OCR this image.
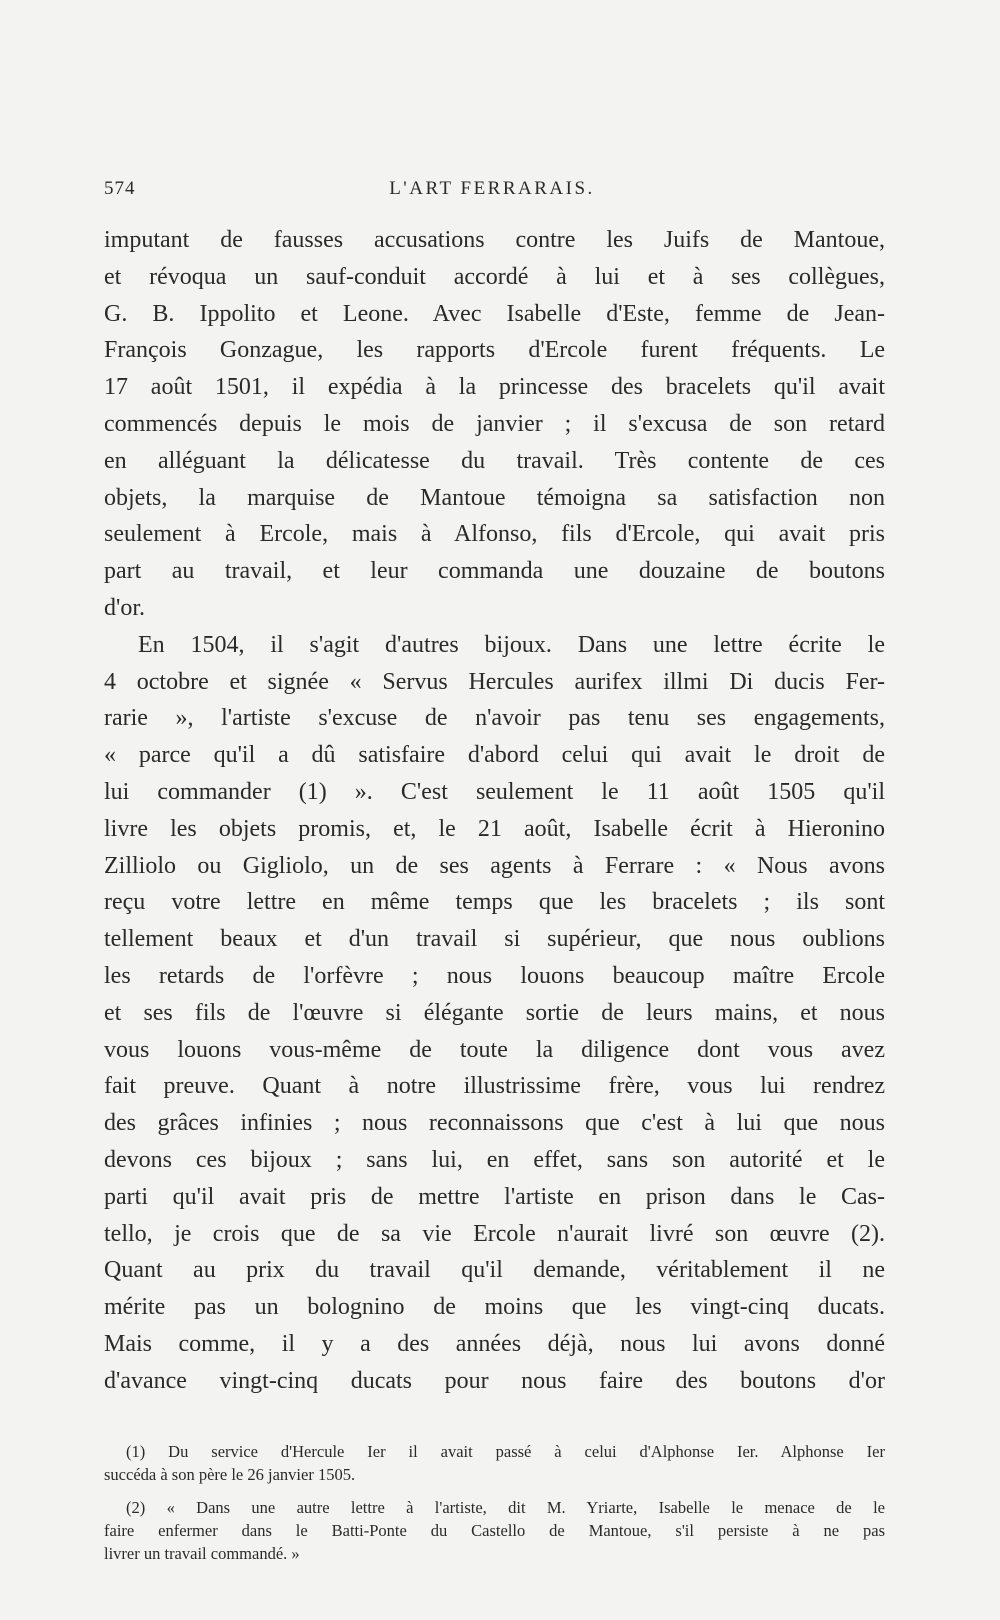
574	L'ART FERRARAIS.
imputant de fausses accusations contre les Juifs de Mantoue,
et révoqua un sauf-conduit accordé à lui et à ses collègues,
G. B. Ippolito et Leone. Avec Isabelle d'Este, femme de Jean-
François Gonzague, les rapports d'Ercole furent fréquents. Le
17 août 1501, il expédia à la princesse des bracelets qu'il avait
commencés depuis le mois de janvier ; il s'excusa de son retard
en alléguant la délicatesse du travail. Très contente de ces
objets, la marquise de Mantoue témoigna sa satisfaction non
seulement à Ercole, mais à Alfonso, fils d'Ercole, qui avait pris
part au travail, et leur commanda une douzaine de boutons
d'or.
En 1504, il s'agit d'autres bijoux. Dans une lettre écrite le
4 octobre et signée « Servus Hercules aurifex illmi Di ducis Fer-
rarie », l'artiste s'excuse de n'avoir pas tenu ses engagements,
« parce qu'il a dû satisfaire d'abord celui qui avait le droit de
lui commander (1) ». C'est seulement le 11 août 1505 qu'il
livre les objets promis, et, le 21 août, Isabelle écrit à Hieronino
Zilliolo ou Gigliolo, un de ses agents à Ferrare : « Nous avons
reçu votre lettre en même temps que les bracelets ; ils sont
tellement beaux et d'un travail si supérieur, que nous oublions
les retards de l'orfèvre ; nous louons beaucoup maître Ercole
et ses fils de l'œuvre si élégante sortie de leurs mains, et nous
vous louons vous-même de toute la diligence dont vous avez
fait preuve. Quant à notre illustrissime frère, vous lui rendrez
des grâces infinies ; nous reconnaissons que c'est à lui que nous
devons ces bijoux ; sans lui, en effet, sans son autorité et le
parti qu'il avait pris de mettre l'artiste en prison dans le Cas-
tello, je crois que de sa vie Ercole n'aurait livré son œuvre (2).
Quant au prix du travail qu'il demande, véritablement il ne
mérite pas un bolognino de moins que les vingt-cinq ducats.
Mais comme, il y a des années déjà, nous lui avons donné
d'avance vingt-cinq ducats pour nous faire des boutons d'or
(1) Du service d'Hercule Ier il avait passé à celui d'Alphonse Ier. Alphonse Ier
succéda à son père le 26 janvier 1505.
(2) « Dans une autre lettre à l'artiste, dit M. Yriarte, Isabelle le menace de le
faire enfermer dans le Batti-Ponte du Castello de Mantoue, s'il persiste à ne pas
livrer un travail commandé. »
